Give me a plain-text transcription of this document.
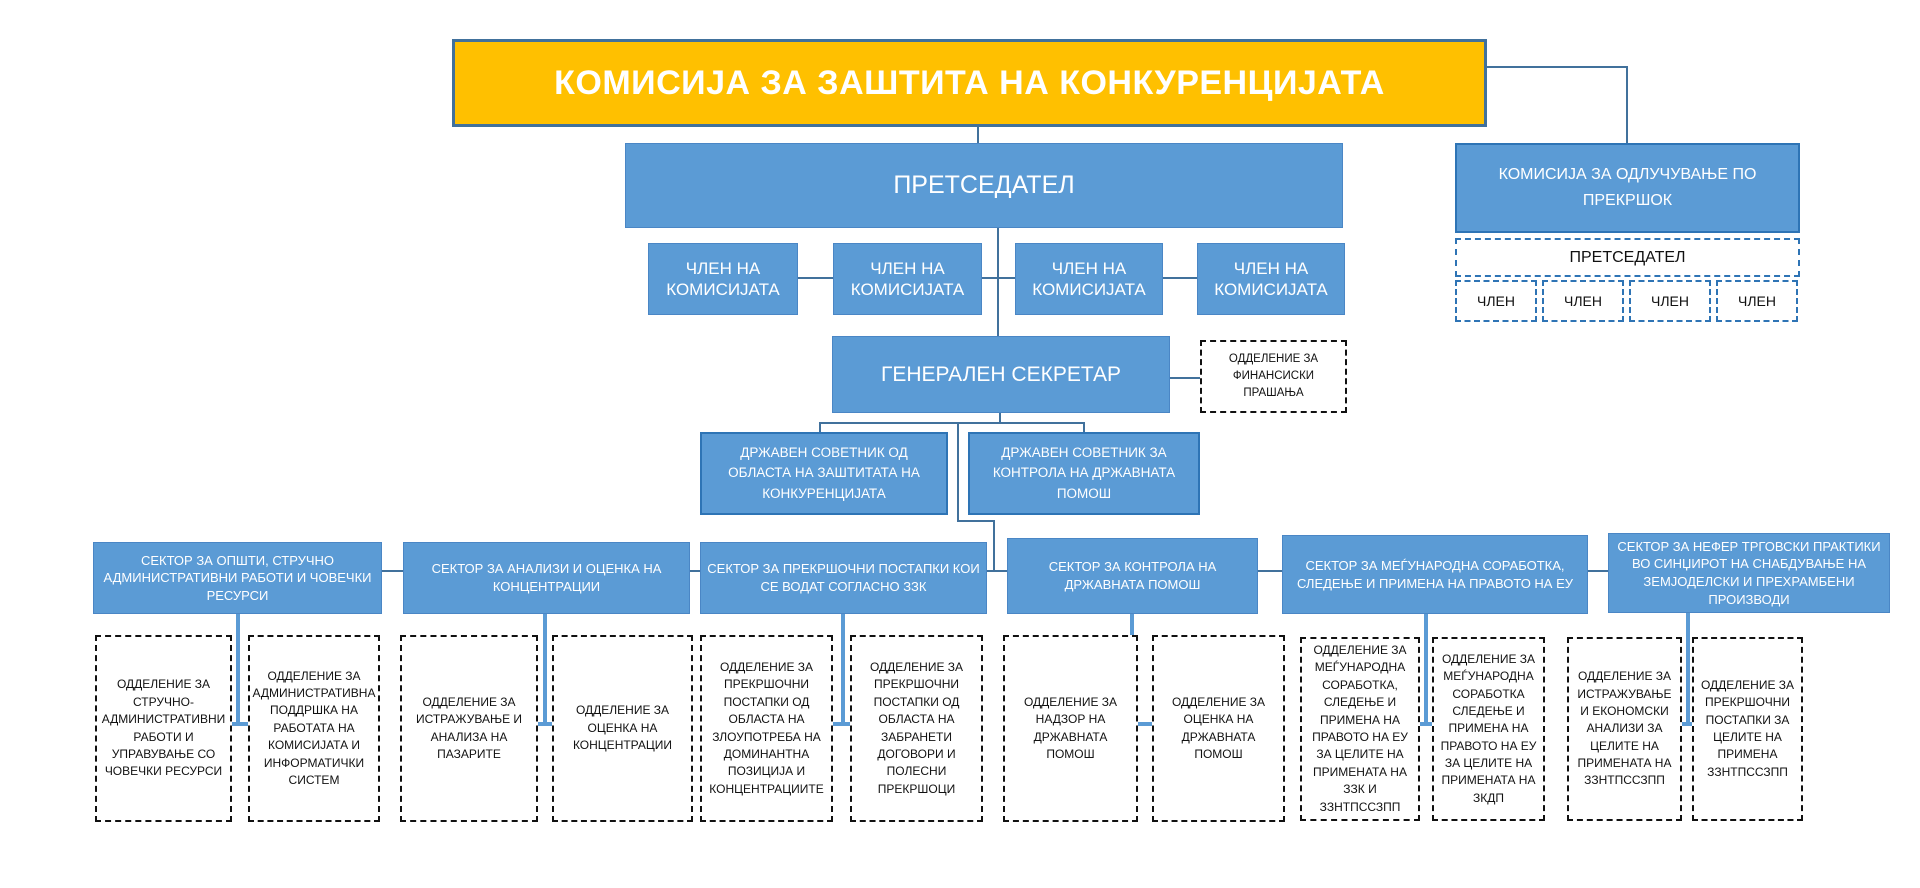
КОМИСИЈА ЗА ЗАШТИТА НА КОНКУРЕНЦИЈАТА
ПРЕТСЕДАТЕЛ
ЧЛЕН НА КОМИСИЈАТА
ЧЛЕН НА КОМИСИЈАТА
ЧЛЕН НА КОМИСИЈАТА
ЧЛЕН НА КОМИСИЈАТА
КОМИСИЈА ЗА ОДЛУЧУВАЊЕ ПО ПРЕКРШОК
ПРЕТСЕДАТЕЛ
ЧЛЕН	ЧЛЕН	ЧЛЕН	ЧЛЕН
ГЕНЕРАЛЕН СЕКРЕТАР
ОДДЕЛЕНИЕ ЗА ФИНАНСИСКИ ПРАШАЊА
ДРЖАВЕН СОВЕТНИК ОД ОБЛАСТА НА ЗАШТИТАТА НА КОНКУРЕНЦИЈАТА
ДРЖАВЕН СОВЕТНИК ЗА КОНТРОЛА НА ДРЖАВНАТА ПОМОШ
СЕКТОР ЗА ОПШТИ, СТРУЧНО АДМИНИСТРАТИВНИ РАБОТИ И ЧОВЕЧКИ РЕСУРСИ
СЕКТОР ЗА АНАЛИЗИ И ОЦЕНКА НА КОНЦЕНТРАЦИИ
СЕКТОР ЗА ПРЕКРШОЧНИ ПОСТАПКИ КОИ СЕ ВОДАТ СОГЛАСНО ЗЗК
СЕКТОР ЗА КОНТРОЛА НА ДРЖАВНАТА ПОМОШ
СЕКТОР ЗА МЕЃУНАРОДНА СОРАБОТКА, СЛЕДЕЊЕ И ПРИМЕНА НА ПРАВОТО НА ЕУ
СЕКТОР ЗА НЕФЕР ТРГОВСКИ ПРАКТИКИ ВО СИНЏИРОТ НА СНАБДУВАЊЕ НА ЗЕМЈОДЕЛСКИ И ПРЕХРАМБЕНИ ПРОИЗВОДИ
ОДДЕЛЕНИЕ ЗА СТРУЧНО-АДМИНИСТРАТИВНИ РАБОТИ И УПРАВУВАЊЕ СО ЧОВЕЧКИ РЕСУРСИ
ОДДЕЛЕНИЕ ЗА АДМИНИСТРАТИВНА ПОДДРШКА НА РАБОТАТА НА КОМИСИЈАТА И ИНФОРМАТИЧКИ СИСТЕМ
ОДДЕЛЕНИЕ ЗА ИСТРАЖУВАЊЕ И АНАЛИЗА НА ПАЗАРИТЕ
ОДДЕЛЕНИЕ ЗА ОЦЕНКА НА КОНЦЕНТРАЦИИ
ОДДЕЛЕНИЕ ЗА ПРЕКРШОЧНИ ПОСТАПКИ ОД ОБЛАСТА НА ЗЛОУПОТРЕБА НА ДОМИНАНТНА ПОЗИЦИЈА И КОНЦЕНТРАЦИИТЕ
ОДДЕЛЕНИЕ ЗА ПРЕКРШОЧНИ ПОСТАПКИ ОД ОБЛАСТА НА ЗАБРАНЕТИ ДОГОВОРИ И ПОЛЕСНИ ПРЕКРШОЦИ
ОДДЕЛЕНИЕ ЗА НАДЗОР НА ДРЖАВНАТА ПОМОШ
ОДДЕЛЕНИЕ ЗА ОЦЕНКА НА ДРЖАВНАТА ПОМОШ
ОДДЕЛЕНИЕ ЗА МЕЃУНАРОДНА СОРАБОТКА, СЛЕДЕЊЕ И ПРИМЕНА НА ПРАВОТО НА ЕУ ЗА ЦЕЛИТЕ НА ПРИМЕНАТА НА ЗЗК И ЗЗНТПССЗПП
ОДДЕЛЕНИЕ ЗА МЕЃУНАРОДНА СОРАБОТКА СЛЕДЕЊЕ И ПРИМЕНА НА ПРАВОТО НА ЕУ ЗА ЦЕЛИТЕ НА ПРИМЕНАТА НА ЗКДП
ОДДЕЛЕНИЕ ЗА ИСТРАЖУВАЊЕ И ЕКОНОМСКИ АНАЛИЗИ ЗА ЦЕЛИТЕ НА ПРИМЕНАТА НА ЗЗНТПССЗПП
ОДДЕЛЕНИЕ ЗА ПРЕКРШОЧНИ ПОСТАПКИ ЗА ЦЕЛИТЕ НА ПРИМЕНА ЗЗНТПССЗПП
